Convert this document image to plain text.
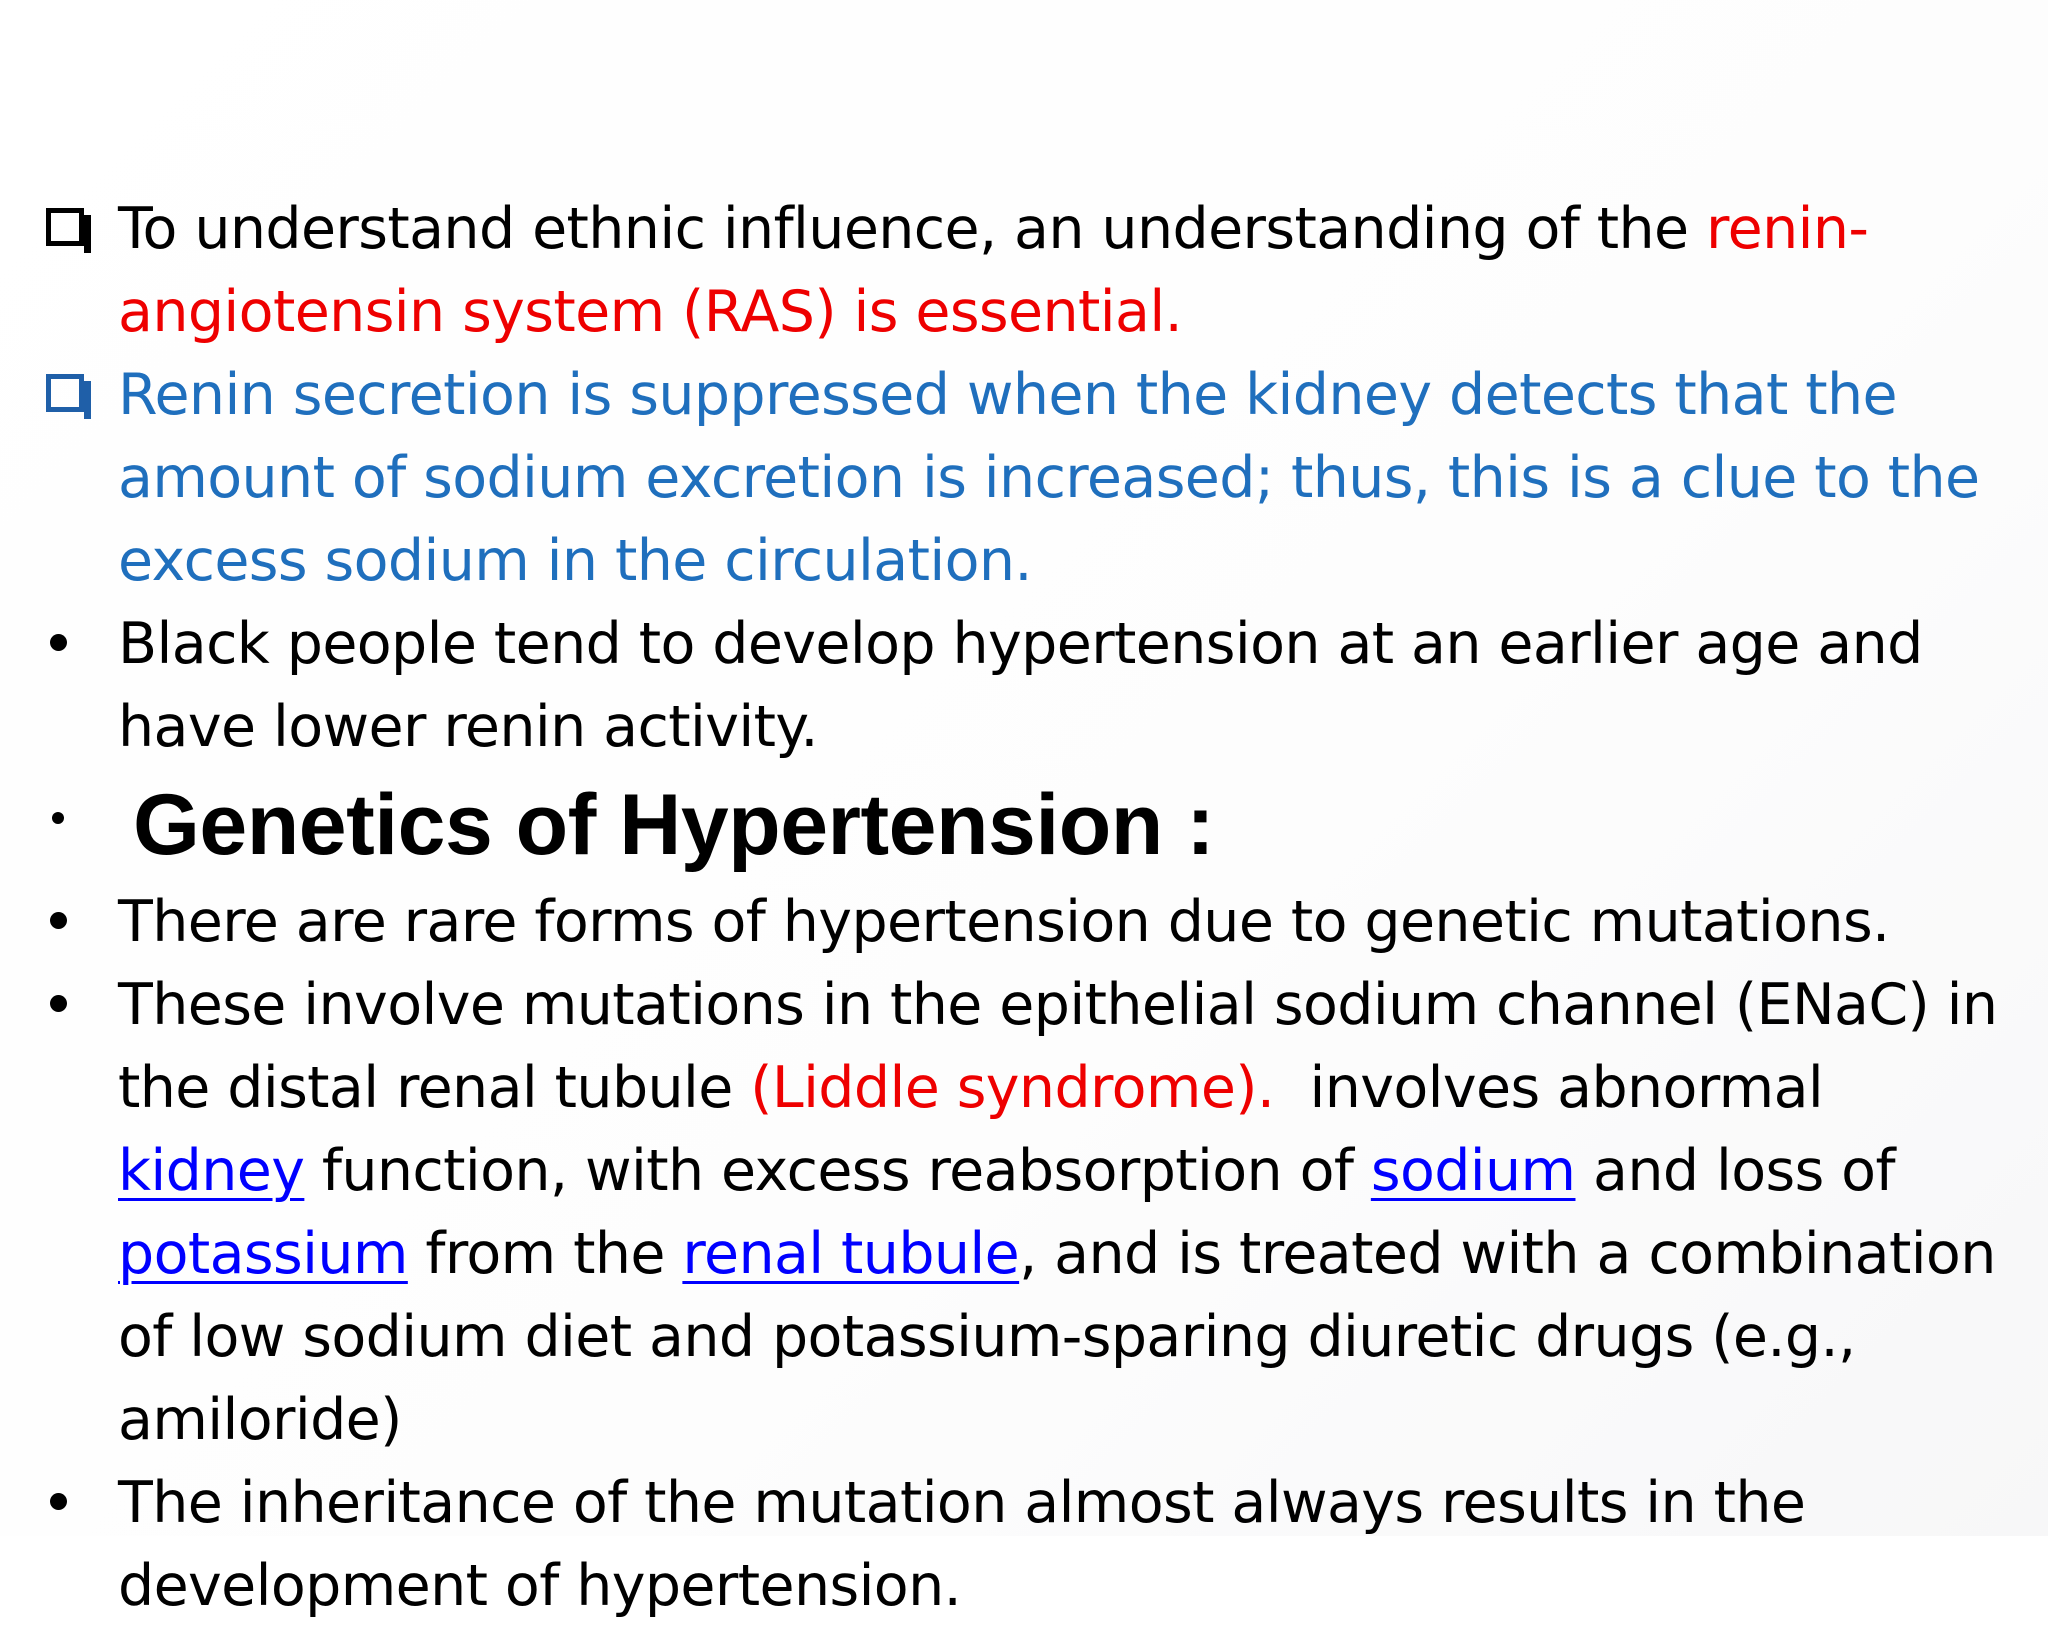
To understand ethnic influence, an understanding of the renin-angiotensin system (RAS) is essential.
Renin secretion is suppressed when the kidney detects that the amount of sodium excretion is increased; thus, this is a clue to the excess sodium in the circulation.
Black people tend to develop hypertension at an earlier age and have lower renin activity.
Genetics of Hypertension :
There are rare forms of hypertension due to genetic mutations.
These involve mutations in the epithelial sodium channel (ENaC) in the distal renal tubule (Liddle syndrome).  involves abnormal kidney function, with excess reabsorption of sodium and loss of potassium from the renal tubule, and is treated with a combination of low sodium diet and potassium-sparing diuretic drugs (e.g., amiloride)
The inheritance of the mutation almost always results in the development of hypertension.
